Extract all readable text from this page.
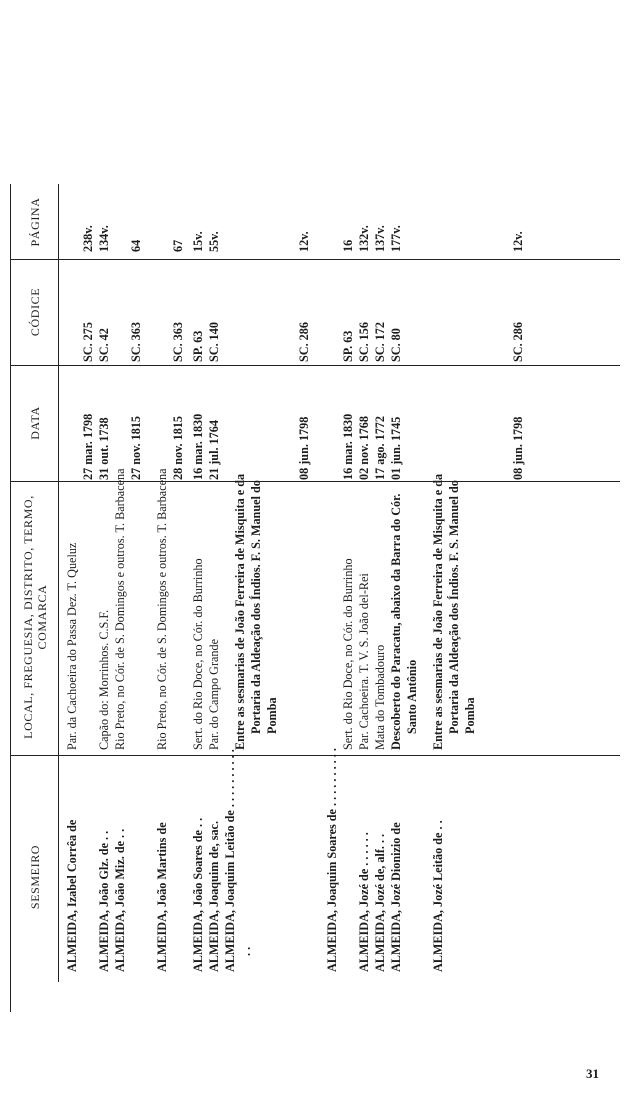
SESMEIRO
LOCAL, FREGUESIA, DISTRITO, TERMO, COMARCA
DATA
CÓDICE
PÁGINA
ALMEIDA, Izabel Corrêa de
Par. da Cachoeira do Passa Dez. T. Queluz
27 mar. 1798
SC. 275
238v.
ALMEIDA, João Glz. de . .
Capão do: Morrinhos. C.S.F.
31 out. 1738
SC. 42
134v.
ALMEIDA, João Miz. de . .
Rio Preto, no Cór. de S. Domingos e outros. T. Barbacena
27 nov. 1815
SC. 363
64
ALMEIDA, João Martins de
Rio Preto, no Cór. de S. Domingos e outros. T. Barbacena
28 nov. 1815
SC. 363
67
ALMEIDA, João Soares de . .
Sert. do Rio Doce, no Cór. do Burrinho
16 mar. 1830
SP. 63
15v.
ALMEIDA, Joaquim de, sac.
Par. do Campo Grande
21 jul. 1764
SC. 140
55v.
ALMEIDA, Joaquim Leitão de . . . . . . . . . . . .
Entre as sesmarias de João Ferreira de Misquita e da Portaria da Aldeação dos Índios. F. S. Manuel do Pomba
08 jun. 1798
SC. 286
12v.
ALMEIDA, Joaquim Soares de . . . . . . . . . .
Sert. do Rio Doce, no Cór. do Burrinho
16 mar. 1830
SP. 63
16
ALMEIDA, Jozé de . . . . . .
Par. Cachoeira. T. V. S. João del-Rei
02 nov. 1768
SC. 156
132v.
ALMEIDA, Jozé de, alf. . .
Mata do Tombadouro
17 ago. 1772
SC. 172
137v.
ALMEIDA, Jozé Dionizio de
Descoberto do Paracatu, abaixo da Barra do Cór. Santo Antônio
01 jun. 1745
SC. 80
177v.
ALMEIDA, Jozé Leitão de . .
Entre as sesmarias de João Ferreira de Misquita e da Portaria da Aldeação dos Índios. F. S. Manuel do Pomba
08 jun. 1798
SC. 286
12v.
31
